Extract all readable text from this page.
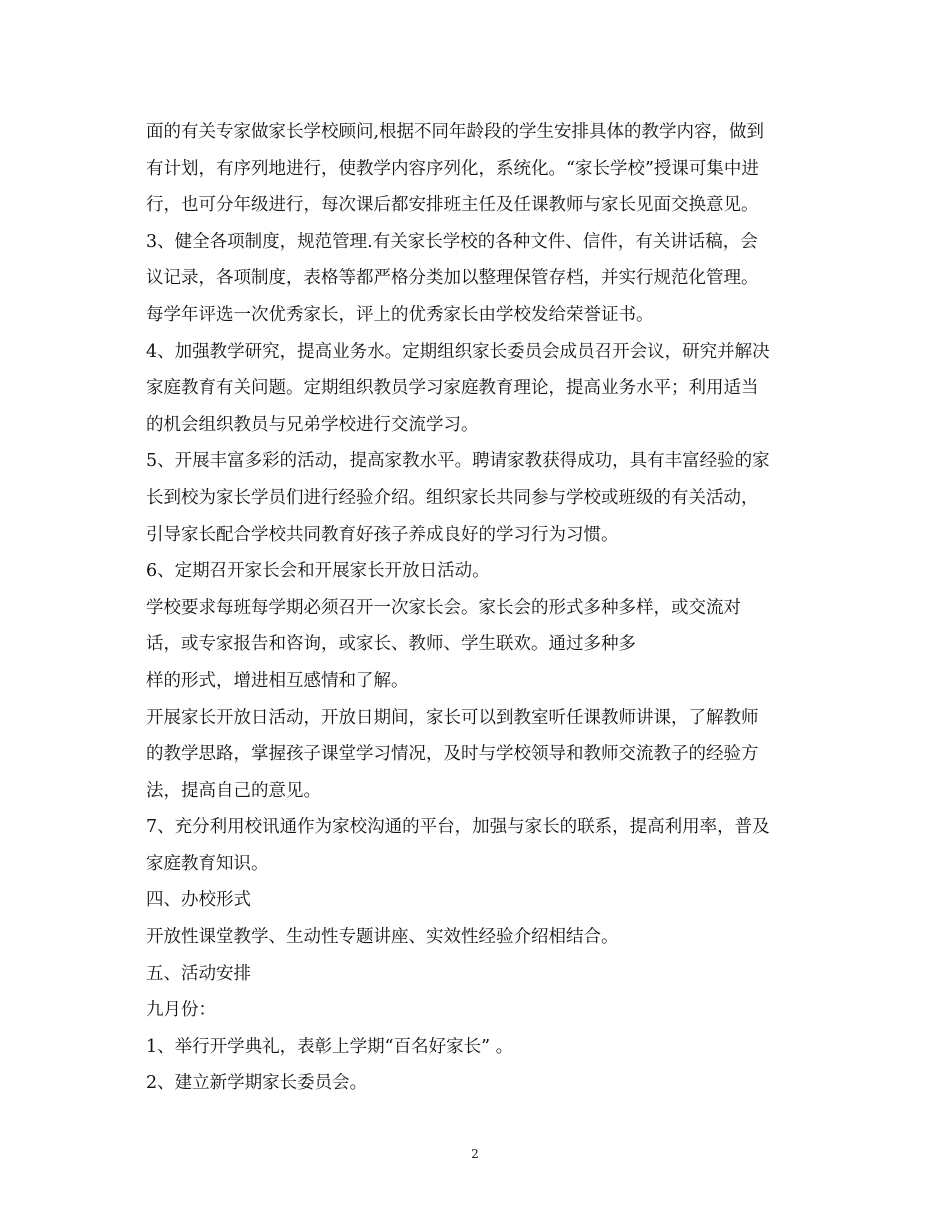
面的有关专家做家长学校顾问,根据不同年龄段的学生安排具体的教学内容，做到
有计划，有序列地进行，使教学内容序列化，系统化。“家长学校”授课可集中进
行，也可分年级进行，每次课后都安排班主任及任课教师与家长见面交换意见。
3、健全各项制度，规范管理.有关家长学校的各种文件、信件，有关讲话稿，会
议记录，各项制度，表格等都严格分类加以整理保管存档，并实行规范化管理。
每学年评选一次优秀家长，评上的优秀家长由学校发给荣誉证书。
4、加强教学研究，提高业务水。定期组织家长委员会成员召开会议，研究并解决
家庭教育有关问题。定期组织教员学习家庭教育理论，提高业务水平；利用适当
的机会组织教员与兄弟学校进行交流学习。
5、开展丰富多彩的活动，提高家教水平。聘请家教获得成功，具有丰富经验的家
长到校为家长学员们进行经验介绍。组织家长共同参与学校或班级的有关活动，
引导家长配合学校共同教育好孩子养成良好的学习行为习惯。
6、定期召开家长会和开展家长开放日活动。
学校要求每班每学期必须召开一次家长会。家长会的形式多种多样，或交流对
话，或专家报告和咨询，或家长、教师、学生联欢。通过多种多
样的形式，增进相互感情和了解。
开展家长开放日活动，开放日期间，家长可以到教室听任课教师讲课，了解教师
的教学思路，掌握孩子课堂学习情况，及时与学校领导和教师交流教子的经验方
法，提高自己的意见。
7、充分利用校讯通作为家校沟通的平台，加强与家长的联系，提高利用率，普及
家庭教育知识。
四、办校形式
开放性课堂教学、生动性专题讲座、实效性经验介绍相结合。
五、活动安排
九月份：
1、举行开学典礼，表彰上学期“百名好家长” 。
2、建立新学期家长委员会。
2
